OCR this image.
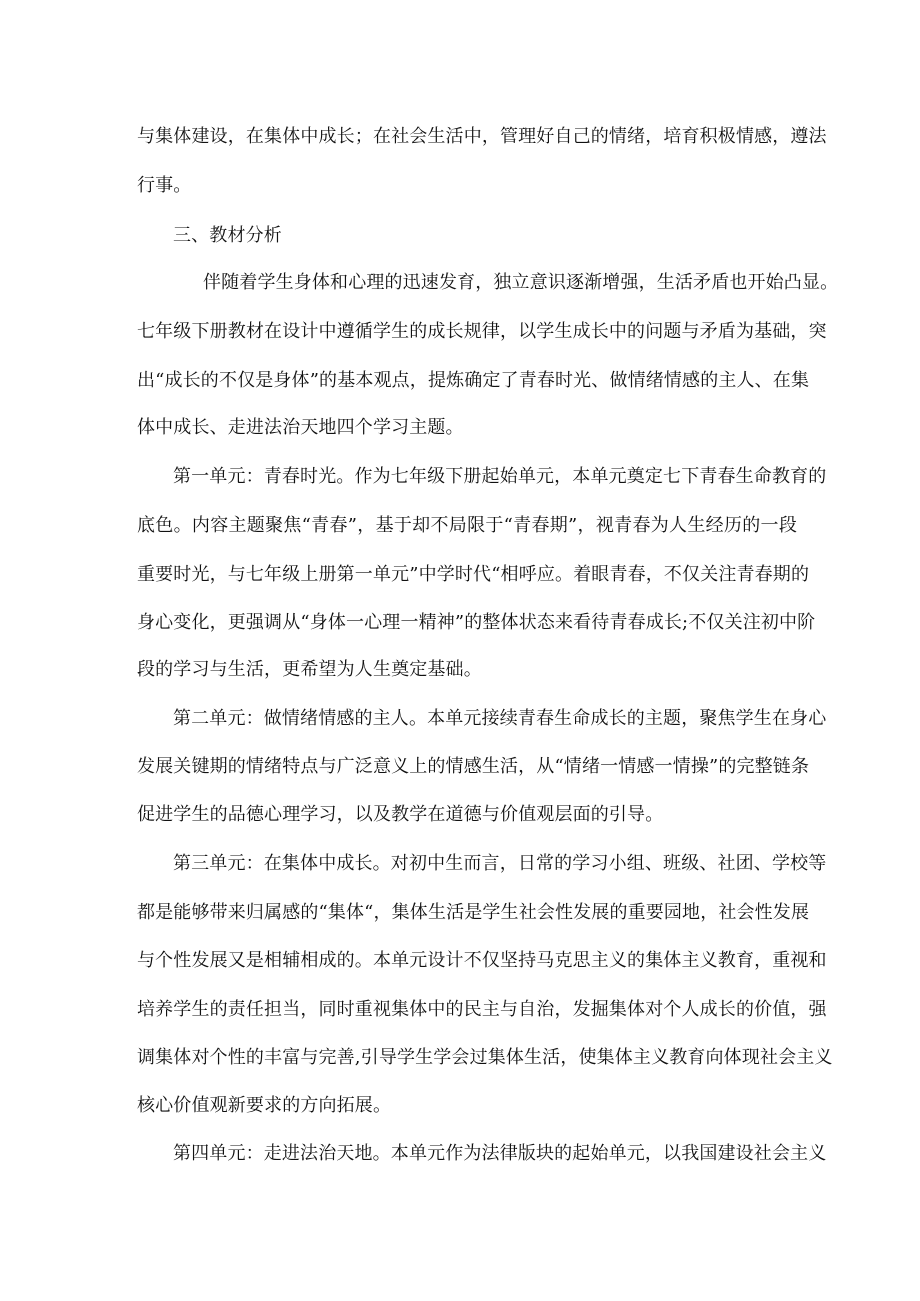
与集体建设，在集体中成长；在社会生活中，管理好自己的情绪，培育积极情感，遵法
行事。
三、教材分析
伴随着学生身体和心理的迅速发育，独立意识逐渐增强，生活矛盾也开始凸显。
七年级下册教材在设计中遵循学生的成长规律，以学生成长中的问题与矛盾为基础，突
出“成长的不仅是身体”的基本观点，提炼确定了青春时光、做情绪情感的主人、在集
体中成长、走进法治天地四个学习主题。
第一单元：青春时光。作为七年级下册起始单元，本单元奠定七下青春生命教育的
底色。内容主题聚焦“青春”，基于却不局限于“青春期”，视青春为人生经历的一段
重要时光，与七年级上册第一单元”中学时代“相呼应。着眼青春，不仅关注青春期的
身心变化，更强调从“身体一心理一精神”的整体状态来看待青春成长;不仅关注初中阶
段的学习与生活，更希望为人生奠定基础。
第二单元：做情绪情感的主人。本单元接续青春生命成长的主题，聚焦学生在身心
发展关键期的情绪特点与广泛意义上的情感生活，从“情绪一情感一情操”的完整链条
促进学生的品德心理学习，以及教学在道德与价值观层面的引导。
第三单元：在集体中成长。对初中生而言，日常的学习小组、班级、社团、学校等
都是能够带来归属感的“集体“，集体生活是学生社会性发展的重要园地，社会性发展
与个性发展又是相辅相成的。本单元设计不仅坚持马克思主义的集体主义教育，重视和
培养学生的责任担当，同时重视集体中的民主与自治，发掘集体对个人成长的价值，强
调集体对个性的丰富与完善,引导学生学会过集体生活，使集体主义教育向体现社会主义
核心价值观新要求的方向拓展。
第四单元：走进法治天地。本单元作为法律版块的起始单元，以我国建设社会主义
